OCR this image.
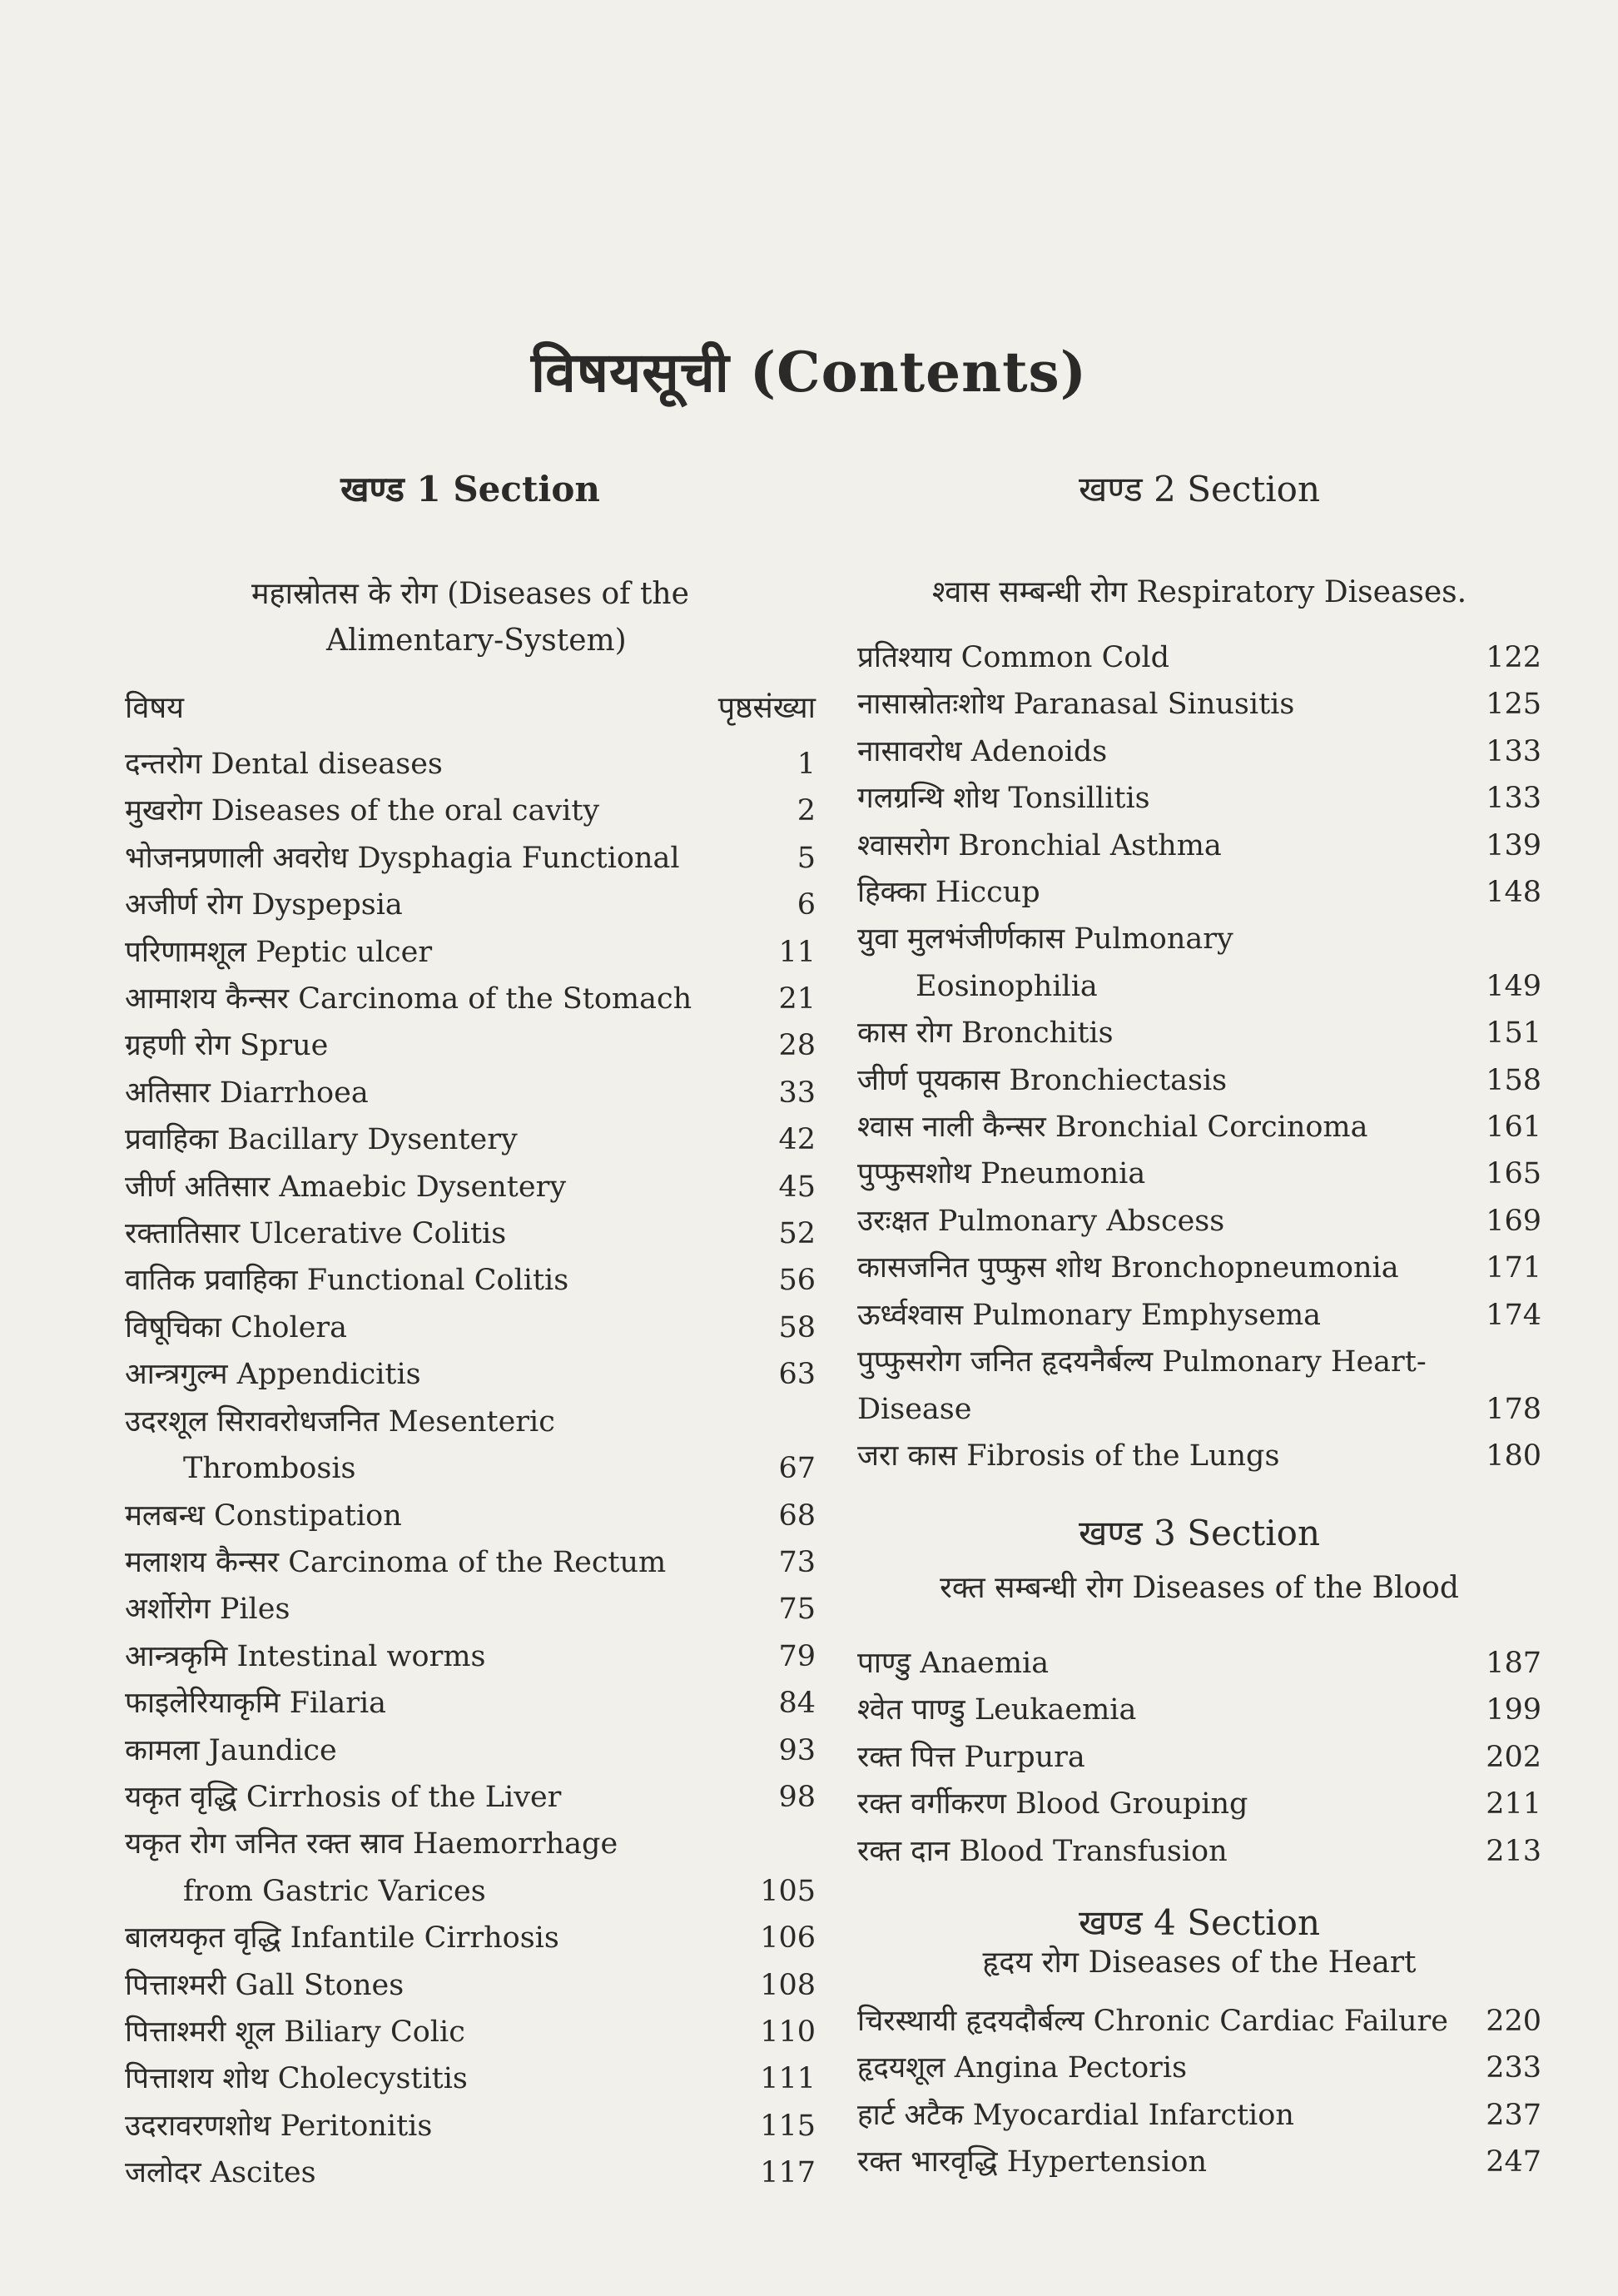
विषयसूची (Contents)
खण्ड 1 Section
महास्रोतस के रोग (Diseases of the
Alimentary-System)
विषय	पृष्ठसंख्या
दन्तरोग Dental diseases	1
मुखरोग Diseases of the oral cavity	2
भोजनप्रणाली अवरोध Dysphagia Functional	5
अजीर्ण रोग Dyspepsia	6
परिणामशूल Peptic ulcer	11
आमाशय कैन्सर Carcinoma of the Stomach	21
ग्रहणी रोग Sprue	28
अतिसार Diarrhoea	33
प्रवाहिका Bacillary Dysentery	42
जीर्ण अतिसार Amaebic Dysentery	45
रक्तातिसार Ulcerative Colitis	52
वातिक प्रवाहिका Functional Colitis	56
विषूचिका Cholera	58
आन्त्रगुल्म Appendicitis	63
उदरशूल सिरावरोधजनित Mesenteric
Thrombosis	67
मलबन्ध Constipation	68
मलाशय कैन्सर Carcinoma of the Rectum	73
अर्शोरोग Piles	75
आन्त्रकृमि Intestinal worms	79
फाइलेरियाकृमि Filaria	84
कामला Jaundice	93
यकृत वृद्धि Cirrhosis of the Liver	98
यकृत रोग जनित रक्त स्राव Haemorrhage
from Gastric Varices	105
बालयकृत वृद्धि Infantile Cirrhosis	106
पित्ताश्मरी Gall Stones	108
पित्ताश्मरी शूल Biliary Colic	110
पित्ताशय शोथ Cholecystitis	111
उदरावरणशोथ Peritonitis	115
जलोदर Ascites	117
खण्ड 2 Section
श्वास सम्बन्धी रोग Respiratory Diseases.
प्रतिश्याय Common Cold	122
नासास्रोतःशोथ Paranasal Sinusitis	125
नासावरोध Adenoids	133
गलग्रन्थि शोथ Tonsillitis	133
श्वासरोग Bronchial Asthma	139
हिक्का Hiccup	148
युवा मुलभंजीर्णकास Pulmonary
Eosinophilia	149
कास रोग Bronchitis	151
जीर्ण पूयकास Bronchiectasis	158
श्वास नाली कैन्सर Bronchial Corcinoma	161
पुप्फुसशोथ Pneumonia	165
उरःक्षत Pulmonary Abscess	169
कासजनित पुप्फुस शोथ Bronchopneumonia	171
ऊर्ध्वश्वास Pulmonary Emphysema	174
पुप्फुसरोग जनित हृदयनैर्बल्य Pulmonary Heart-
Disease	178
जरा कास Fibrosis of the Lungs	180
खण्ड 3 Section
रक्त सम्बन्धी रोग Diseases of the Blood
पाण्डु Anaemia	187
श्वेत पाण्डु Leukaemia	199
रक्त पित्त Purpura	202
रक्त वर्गीकरण Blood Grouping	211
रक्त दान Blood Transfusion	213
खण्ड 4 Section
हृदय रोग Diseases of the Heart
चिरस्थायी हृदयदौर्बल्य Chronic Cardiac Failure 220
हृदयशूल Angina Pectoris	233
हार्ट अटैक Myocardial Infarction	237
रक्त भारवृद्धि Hypertension	247
